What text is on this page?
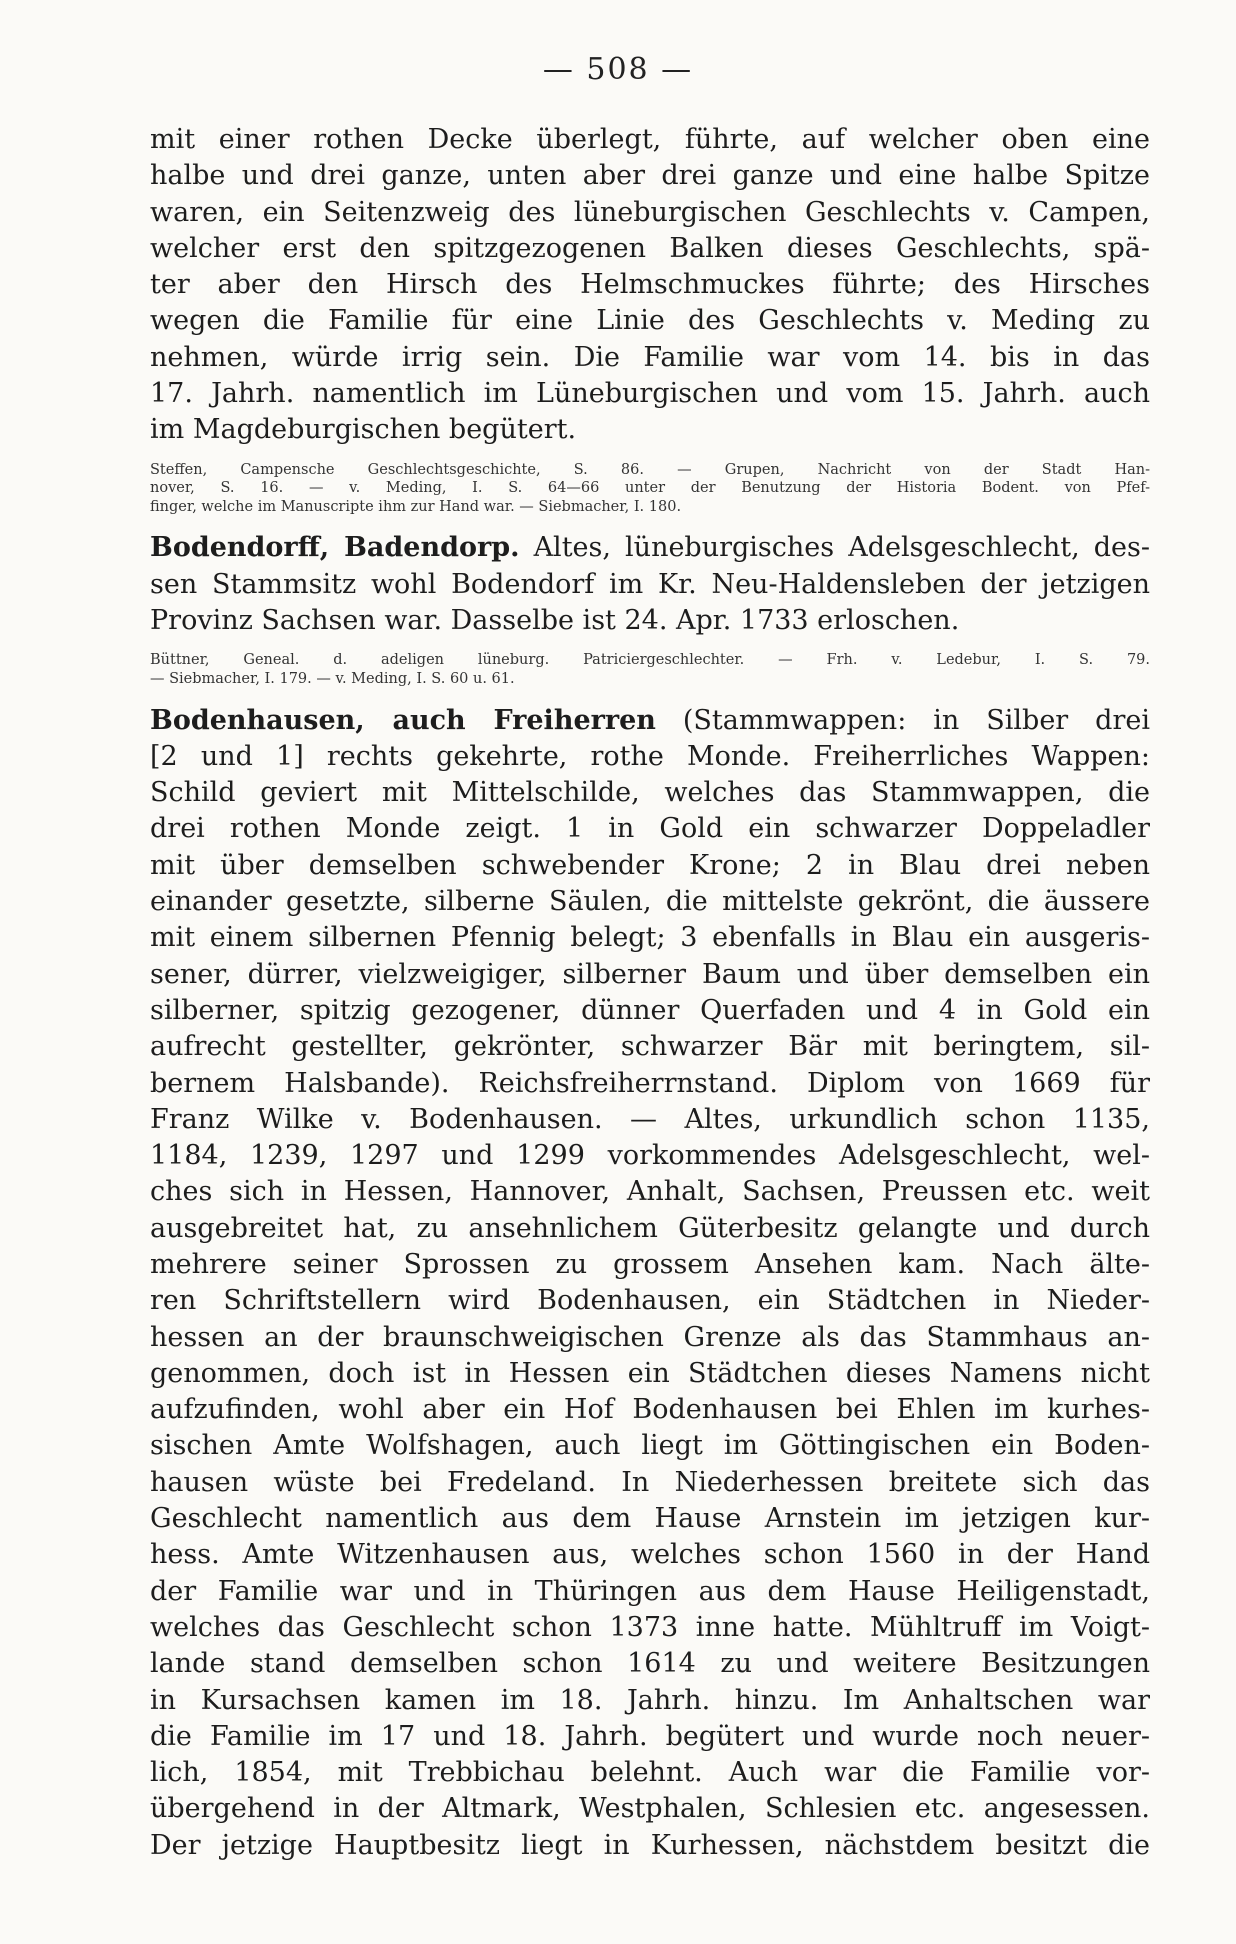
— 508 —
mit einer rothen Decke überlegt, führte, auf welcher oben eine
halbe und drei ganze, unten aber drei ganze und eine halbe Spitze
waren, ein Seitenzweig des lüneburgischen Geschlechts v. Campen,
welcher erst den spitzgezogenen Balken dieses Geschlechts, spä-
ter aber den Hirsch des Helmschmuckes führte; des Hirsches
wegen die Familie für eine Linie des Geschlechts v. Meding zu
nehmen, würde irrig sein. Die Familie war vom 14. bis in das
17. Jahrh. namentlich im Lüneburgischen und vom 15. Jahrh. auch
im Magdeburgischen begütert.
Steffen, Campensche Geschlechtsgeschichte, S. 86. — Grupen, Nachricht von der Stadt Han-
nover, S. 16. — v. Meding, I. S. 64—66 unter der Benutzung der Historia Bodent. von Pfef-
finger, welche im Manuscripte ihm zur Hand war. — Siebmacher, I. 180.
Bodendorff, Badendorp. Altes, lüneburgisches Adelsgeschlecht, des-
sen Stammsitz wohl Bodendorf im Kr. Neu-Haldensleben der jetzigen
Provinz Sachsen war. Dasselbe ist 24. Apr. 1733 erloschen.
Büttner, Geneal. d. adeligen lüneburg. Patriciergeschlechter. — Frh. v. Ledebur, I. S. 79.
— Siebmacher, I. 179. — v. Meding, I. S. 60 u. 61.
Bodenhausen, auch Freiherren (Stammwappen: in Silber drei
[2 und 1] rechts gekehrte, rothe Monde. Freiherrliches Wappen:
Schild geviert mit Mittelschilde, welches das Stammwappen, die
drei rothen Monde zeigt. 1 in Gold ein schwarzer Doppeladler
mit über demselben schwebender Krone; 2 in Blau drei neben
einander gesetzte, silberne Säulen, die mittelste gekrönt, die äussere
mit einem silbernen Pfennig belegt; 3 ebenfalls in Blau ein ausgeris-
sener, dürrer, vielzweigiger, silberner Baum und über demselben ein
silberner, spitzig gezogener, dünner Querfaden und 4 in Gold ein
aufrecht gestellter, gekrönter, schwarzer Bär mit beringtem, sil-
bernem Halsbande). Reichsfreiherrnstand. Diplom von 1669 für
Franz Wilke v. Bodenhausen. — Altes, urkundlich schon 1135,
1184, 1239, 1297 und 1299 vorkommendes Adelsgeschlecht, wel-
ches sich in Hessen, Hannover, Anhalt, Sachsen, Preussen etc. weit
ausgebreitet hat, zu ansehnlichem Güterbesitz gelangte und durch
mehrere seiner Sprossen zu grossem Ansehen kam. Nach älte-
ren Schriftstellern wird Bodenhausen, ein Städtchen in Nieder-
hessen an der braunschweigischen Grenze als das Stammhaus an-
genommen, doch ist in Hessen ein Städtchen dieses Namens nicht
aufzufinden, wohl aber ein Hof Bodenhausen bei Ehlen im kurhes-
sischen Amte Wolfshagen, auch liegt im Göttingischen ein Boden-
hausen wüste bei Fredeland. In Niederhessen breitete sich das
Geschlecht namentlich aus dem Hause Arnstein im jetzigen kur-
hess. Amte Witzenhausen aus, welches schon 1560 in der Hand
der Familie war und in Thüringen aus dem Hause Heiligenstadt,
welches das Geschlecht schon 1373 inne hatte. Mühltruff im Voigt-
lande stand demselben schon 1614 zu und weitere Besitzungen
in Kursachsen kamen im 18. Jahrh. hinzu. Im Anhaltschen war
die Familie im 17 und 18. Jahrh. begütert und wurde noch neuer-
lich, 1854, mit Trebbichau belehnt. Auch war die Familie vor-
übergehend in der Altmark, Westphalen, Schlesien etc. angesessen.
Der jetzige Hauptbesitz liegt in Kurhessen, nächstdem besitzt die
